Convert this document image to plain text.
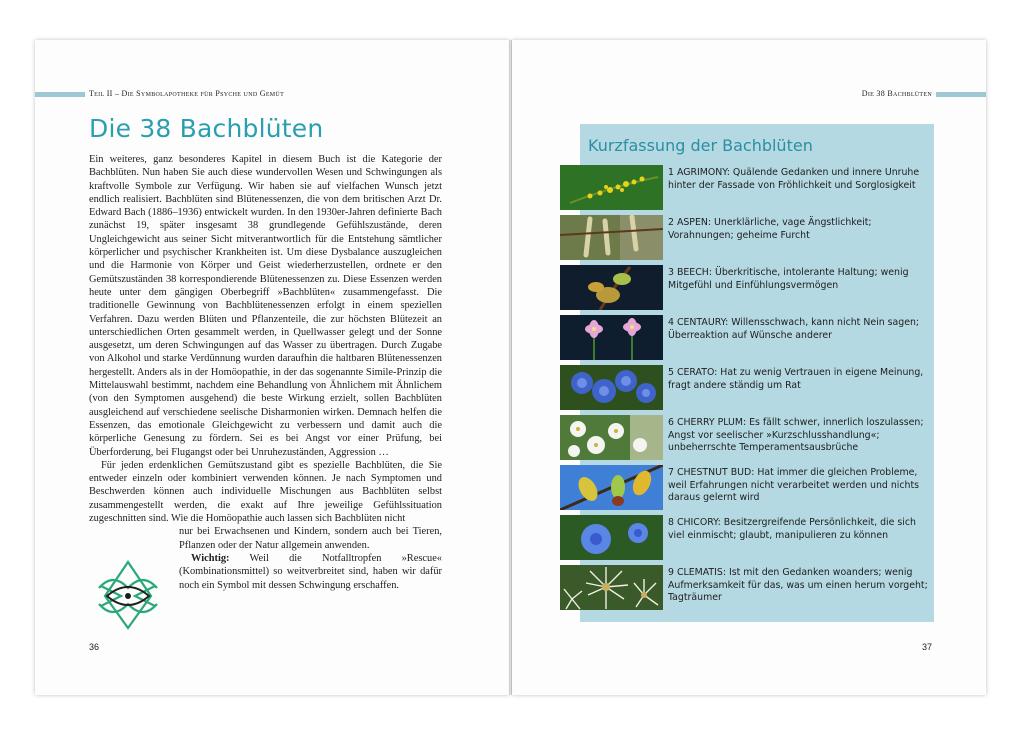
Teil II – Die Symbolapotheke für Psyche und Gemüt
Die 38 Bachblüten

Ein weiteres, ganz besonderes Kapitel in diesem Buch ist die Kategorie der Bachblüten. Nun haben Sie auch diese wundervollen Wesen und Schwingungen als kraftvolle Symbole zur Verfügung. Wir haben sie auf vielfachen Wunsch jetzt endlich realisiert. Bachblüten sind Blütenessenzen, die von dem britischen Arzt Dr. Edward Bach (1886–1936) entwickelt wurden. In den 1930er-Jahren definierte Bach zunächst 19, später insgesamt 38 grundlegende Gefühlszustände, deren Ungleichgewicht aus seiner Sicht mitverantwortlich für die Entstehung sämtlicher körperlicher und psychischer Krankheiten ist. Um diese Dysbalance auszugleichen und die Harmonie von Körper und Geist wiederherzustellen, ordnete er den Gemütszuständen 38 korrespondierende Blütenessenzen zu. Diese Essenzen werden heute unter dem gängigen Oberbegriff »Bachblüten« zusammengefasst. Die traditionelle Gewinnung von Bachblütenessenzen erfolgt in einem speziellen Verfahren. Dazu werden Blüten und Pflanzenteile, die zur höchsten Blütezeit an unterschiedlichen Orten gesammelt werden, in Quellwasser gelegt und der Sonne ausgesetzt, um deren Schwingungen auf das Wasser zu übertragen. Durch Zugabe von Alkohol und starke Verdünnung wurden daraufhin die haltbaren Blütenessenzen hergestellt. Anders als in der Homöopathie, in der das sogenannte Simile-Prinzip die Mittelauswahl bestimmt, nachdem eine Behandlung von Ähnlichem mit Ähnlichem (von den Symptomen ausgehend) die beste Wirkung erzielt, sollen Bachblüten ausgleichend auf verschiedene seelische Disharmonien wirken. Demnach helfen die Essenzen, das emotionale Gleichgewicht zu verbessern und damit auch die körperliche Genesung zu fördern. Sei es bei Angst vor einer Prüfung, bei Überforderung, bei Flugangst oder bei Unruhezuständen, Aggression …

Für jeden erdenklichen Gemütszustand gibt es spezielle Bachblüten, die Sie entweder einzeln oder kombiniert verwenden können. Je nach Symptomen und Beschwerden können auch individuelle Mischungen aus Bachblüten selbst zusammengestellt werden, die exakt auf Ihre jeweilige Gefühlssituation zugeschnitten sind. Wie die Homöopathie auch lassen sich Bachblüten nicht

nur bei Erwachsenen und Kindern, sondern auch bei Tieren, Pflanzen oder der Natur allgemein anwenden.

Wichtig: Weil die Notfalltropfen »Rescue« (Kombinationsmittel) so weitverbreitet sind, haben wir dafür noch ein Symbol mit dessen Schwingung erschaffen.

36
Die 38 Bachblüten
Kurzfassung der Bachblüten
1 AGRIMONY: Quälende Gedanken und innere Unruhe hinter der Fassade von Fröhlichkeit und Sorglosigkeit
2 ASPEN: Unerklärliche, vage Ängstlichkeit; Vorahnungen; geheime Furcht
3 BEECH: Überkritische, intolerante Haltung; wenig Mitgefühl und Einfühlungsvermögen
4 CENTAURY: Willensschwach, kann nicht Nein sagen; Überreaktion auf Wünsche anderer
5 CERATO: Hat zu wenig Vertrauen in eigene Meinung, fragt andere ständig um Rat
6 CHERRY PLUM: Es fällt schwer, innerlich loszulassen; Angst vor seelischer »Kurzschlusshandlung«; unbeherrschte Temperamentsausbrüche
7 CHESTNUT BUD: Hat immer die gleichen Probleme, weil Erfahrungen nicht verarbeitet werden und nichts daraus gelernt wird
8 CHICORY: Besitzergreifende Persönlichkeit, die sich viel einmischt; glaubt, manipulieren zu können
9 CLEMATIS: Ist mit den Gedanken woanders; wenig Aufmerksamkeit für das, was um einen herum vorgeht; Tagträumer
37
